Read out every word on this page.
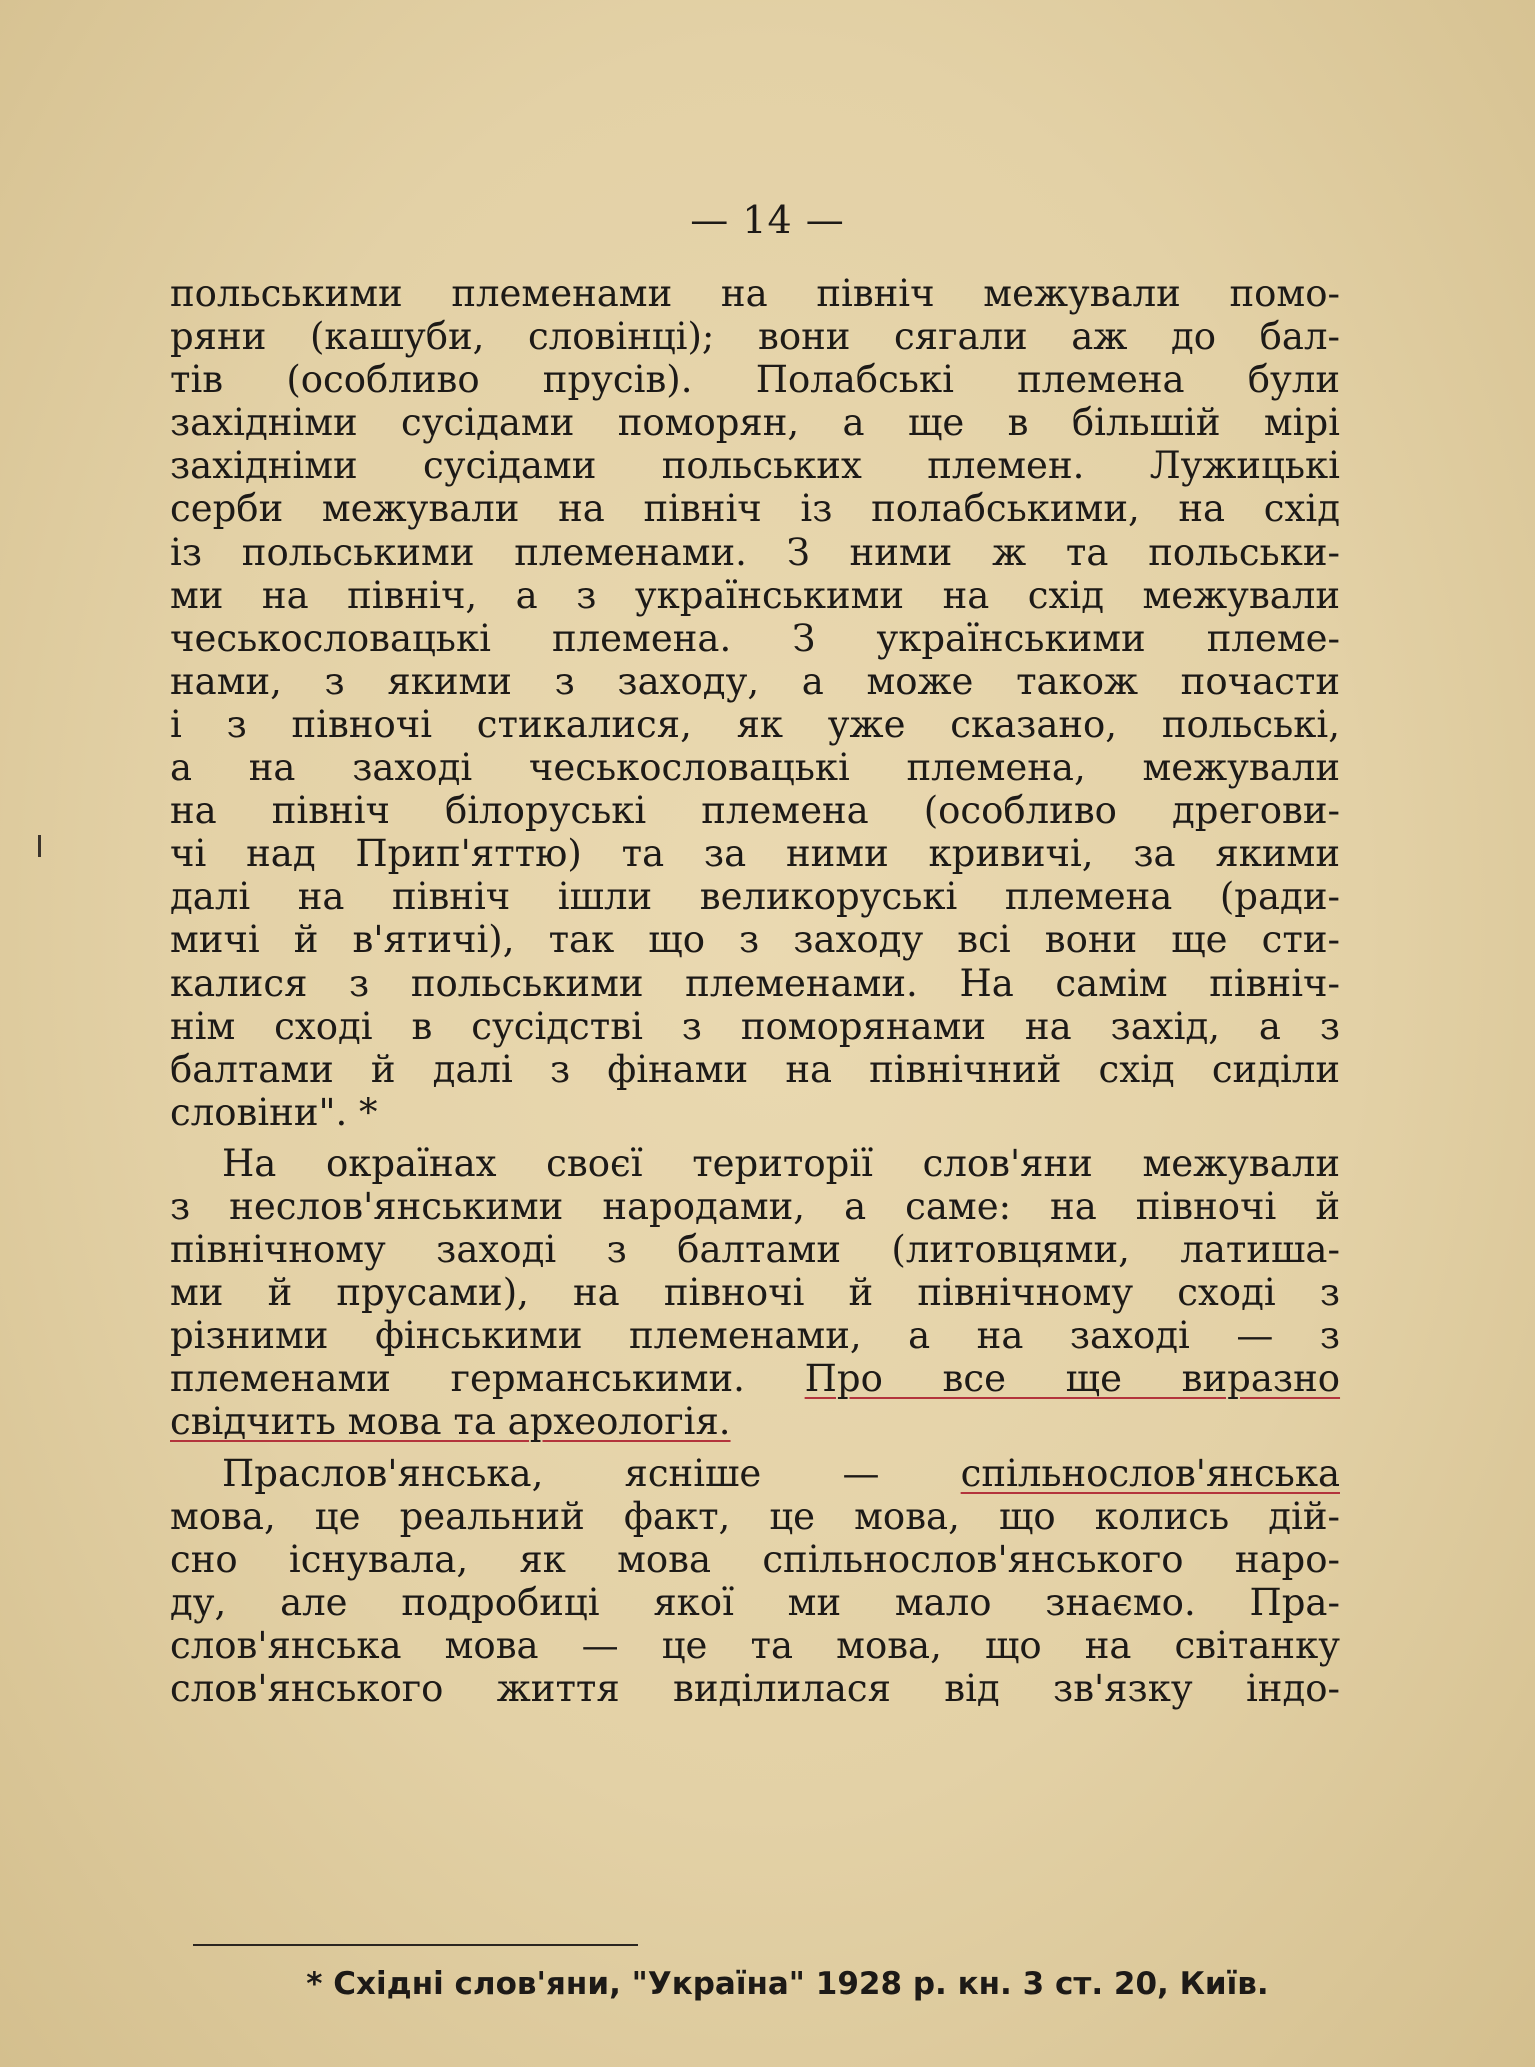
— 14 —
польськими племенами на північ межували помо-
ряни (кашуби, словінці); вони сягали аж до бал-
тів (особливо прусів). Полабські племена були
західніми сусідами поморян, а ще в більшій мірі
західніми сусідами польських племен. Лужицькі
серби межували на північ із полабськими, на схід
із польськими племенами. З ними ж та польськи-
ми на північ, а з українськими на схід межували
чеськословацькі племена. З українськими племе-
нами, з якими з заходу, а може також почасти
і з півночі стикалися, як уже сказано, польські,
а на заході чеськословацькі племена, межували
на північ білоруські племена (особливо дрегови-
чі над Прип'яттю) та за ними кривичі, за якими
далі на північ ішли великоруські племена (ради-
мичі й в'ятичі), так що з заходу всі вони ще сти-
калися з польськими племенами. На самім північ-
нім сході в сусідстві з поморянами на захід, а з
балтами й далі з фінами на північний схід сиділи
словіни". *
На окраїнах своєї території слов'яни межували
з неслов'янськими народами, а саме: на півночі й
північному заході з балтами (литовцями, латиша-
ми й прусами), на півночі й північному сході з
різними фінськими племенами, а на заході — з
племенами германськими. Про все ще виразно
свідчить мова та археологія.
Праслов'янська, ясніше — спільнослов'янська
мова, це реальний факт, це мова, що колись дій-
сно існувала, як мова спільнослов'янського наро-
ду, але подробиці якої ми мало знаємо. Пра-
слов'янська мова — це та мова, що на світанку
слов'янського життя виділилася від зв'язку індо-
* Східні слов'яни, "Україна" 1928 р. кн. 3 ст. 20, Київ.
